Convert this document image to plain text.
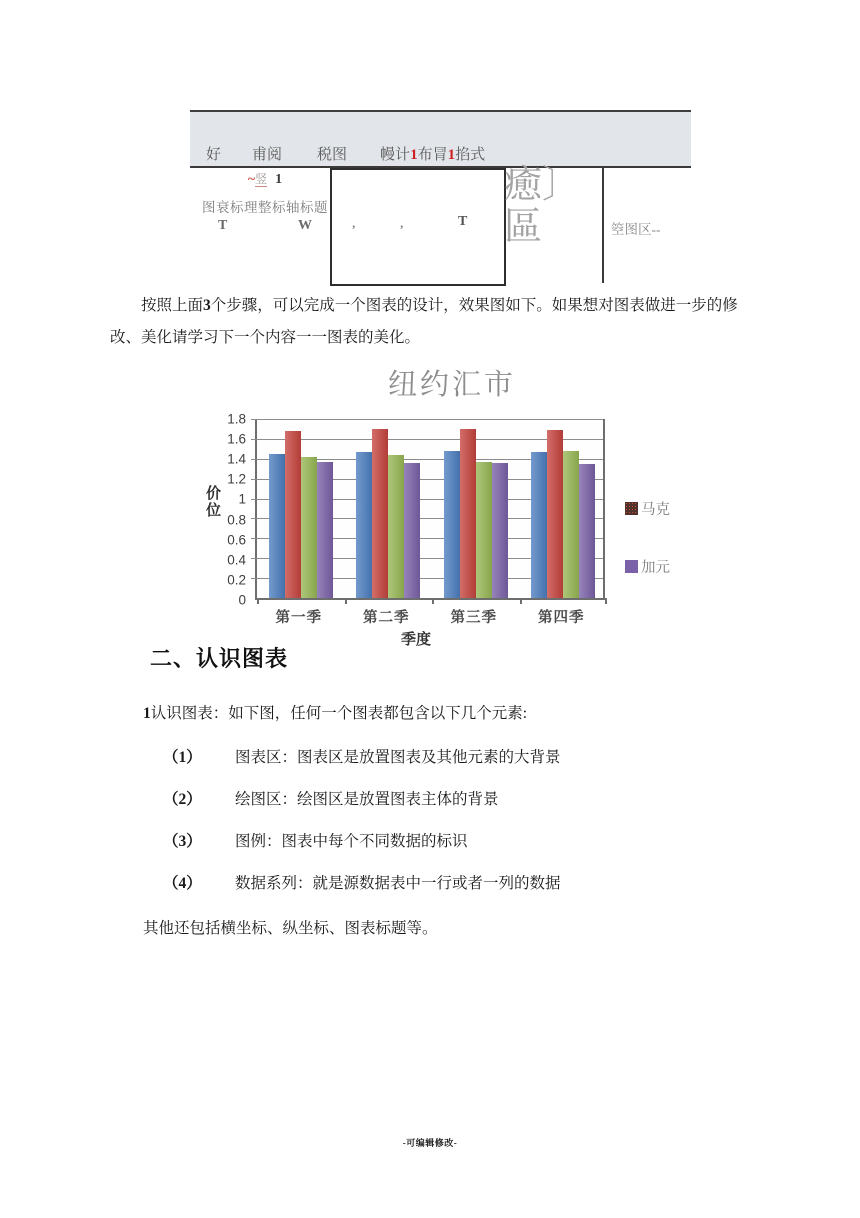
好 甫阅 税图 幔计1布冐1掐式
~竖 1
图衰标理整标轴标题
T	W	,	,	T
癒〕
區	箜图区--

按照上面3个步骤，可以完成一个图表的设计，效果图如下。如果想对图表做进一步的修改、美化请学习下一个内容一一图表的美化。

纽约汇市
价位
1.8
1.6
1.4
1.2
1
0.8
0.6
0.4
0.2
0
第一季	第二季	第三季	第四季
季度
马克
加元
二、认识图表

1认识图表：如下图，任何一个图表都包含以下几个元素:

（1）	图表区：图表区是放置图表及其他元素的大背景
（2）	绘图区：绘图区是放置图表主体的背景
（3）	图例：图表中每个不同数据的标识
（4）	数据系列：就是源数据表中一行或者一列的数据

其他还包括横坐标、纵坐标、图表标题等。

-可编辑修改-
